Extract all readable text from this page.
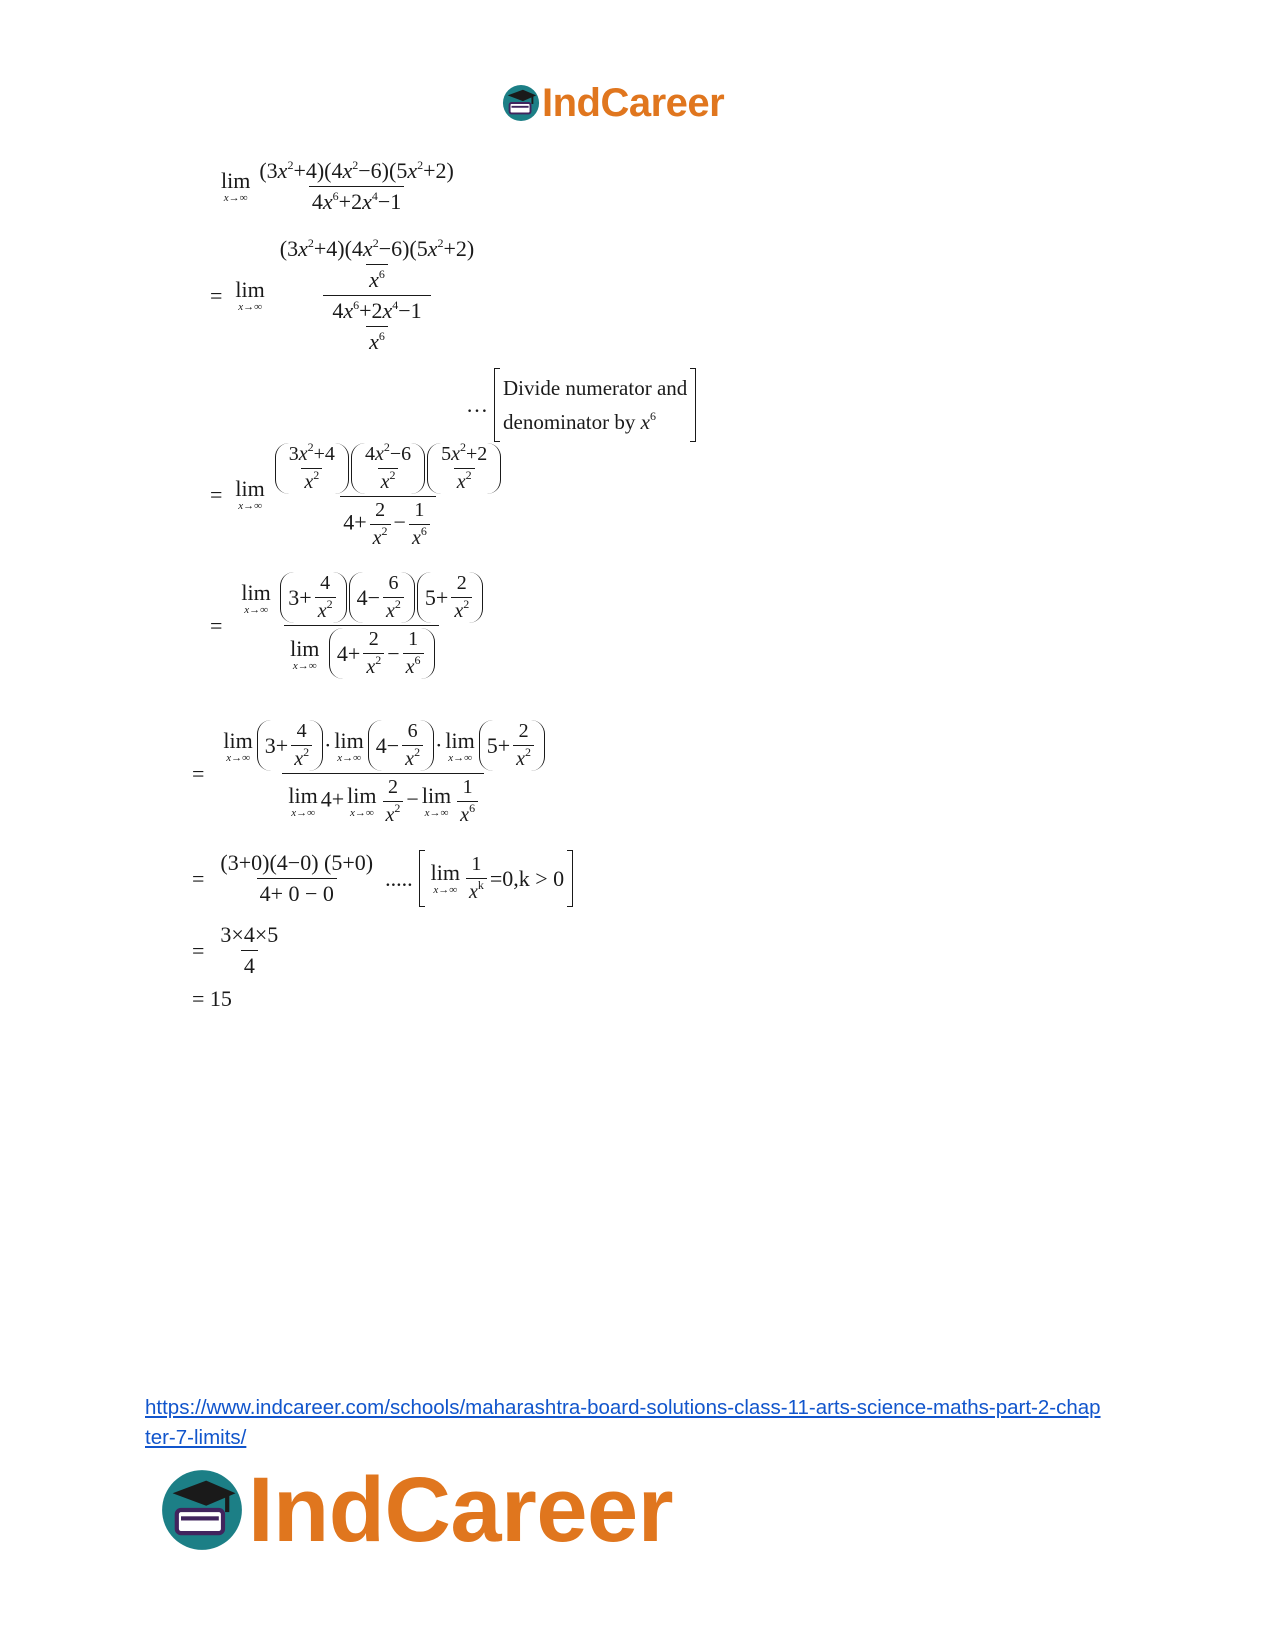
IndCareer
lim
$x\to\infty \frac{(3x^2+4)(4x^2-6)(5x^2+2)}{4x^6+2x^4-1}$
= lim
$x\to\infty \frac{\frac{(3x^2+4)(4x^2-6)(5x^2+2)}{x^6}}{\frac{4x^6+2x^4-1}{x^6}}$
…
Divide numerator and
denominator by $x^6$
= lim
$x\to\infty \frac{\frac{3x^2+4}{x^2} \frac{4x^2-6}{x^2} \frac{5x^2+2}{x^2}}{4+ \frac{2}{x^2} - \frac{1}{x^6}}$
= lim
x→∞
$3+ \frac{4}{x^2} 4- \frac{6}{x^2} 5+ \frac{2}{x^2}$
lim
x→∞
$4+ \frac{2}{x^2} - \frac{1}{x^6}$
= lim
x→∞
$3+ \frac{4}{x^2} \cdot \lim$
x→∞
$4- \frac{6}{x^2} \cdot \lim$
x→∞
$5+ \frac{2}{x^2}$
lim
x→∞
4+ lim
$x\to\infty \frac{2}{x^2} - \lim$
$x\to\infty \frac{1}{x^6}$
= $\frac{(3+0)(4-0) (5+0)}{4+ 0 - 0}$ ..... lim
$x\to\infty \frac{1}{x^k} =0,k > 0$
= $\frac{3\times 4\times 5}{4}$
= 15
https://www.indcareer.com/schools/maharashtra-board-solutions-class-11-arts-science-maths-part-2-chapter-7-limits/
IndCareer
